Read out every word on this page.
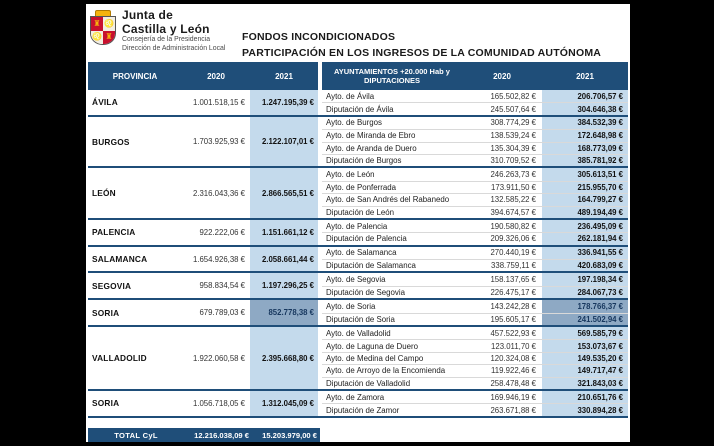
♜ ♌
♌ ♜
Junta de
Castilla y León
Consejería de la Presidencia
Dirección de Administración Local
FONDOS INCONDICIONADOS
PARTICIPACIÓN EN LOS INGRESOS DE LA COMUNIDAD AUTÓNOMA
PROVINCIA	2020	2021
AYUNTAMIENTOS +20.000 Hab y DIPUTACIONES	2020	2021
ÁVILA	1.001.518,15 €	1.247.195,39 €
Ayto. de Ávila	165.502,82 €	206.706,57 €
Diputación de Ávila	245.507,64 €	304.646,38 €
BURGOS	1.703.925,93 €	2.122.107,01 €
Ayto. de Burgos	308.774,29 €	384.532,39 €
Ayto. de Miranda de Ebro	138.539,24 €	172.648,98 €
Ayto. de Aranda de Duero	135.304,39 €	168.773,09 €
Diputación de Burgos	310.709,52 €	385.781,92 €
LEÓN	2.316.043,36 €	2.866.565,51 €
Ayto. de León	246.263,73 €	305.613,51 €
Ayto. de Ponferrada	173.911,50 €	215.955,70 €
Ayto. de San Andrés del Rabanedo	132.585,22 €	164.799,27 €
Diputación de León	394.674,57 €	489.194,49 €
PALENCIA	922.222,06 €	1.151.661,12 €
Ayto. de Palencia	190.580,82 €	236.495,09 €
Diputación de Palencia	209.326,06 €	262.181,94 €
SALAMANCA	1.654.926,38 €	2.058.661,44 €
Ayto. de Salamanca	270.440,19 €	336.941,55 €
Diputación de Salamanca	338.759,11 €	420.683,09 €
SEGOVIA	958.834,54 €	1.197.296,25 €
Ayto. de Segovia	158.137,65 €	197.198,34 €
Diputación de Segovia	226.475,17 €	284.067,73 €
SORIA	679.789,03 €	852.778,38 €
Ayto. de Soria	143.242,28 €	178.766,37 €
Diputación de Soria	195.605,17 €	241.502,94 €
VALLADOLID	1.922.060,58 €	2.395.668,80 €
Ayto. de Valladolid	457.522,93 €	569.585,79 €
Ayto. de Laguna de Duero	123.011,70 €	153.073,67 €
Ayto. de Medina del Campo	120.324,08 €	149.535,20 €
Ayto. de Arroyo de la Encomienda	119.922,46 €	149.717,47 €
Diputación de Valladolid	258.478,48 €	321.843,03 €
SORIA	1.056.718,05 €	1.312.045,09 €
Ayto. de Zamora	169.946,19 €	210.651,76 €
Diputación de Zamor	263.671,88 €	330.894,28 €
TOTAL CyL	12.216.038,09 €	15.203.979,00 €
